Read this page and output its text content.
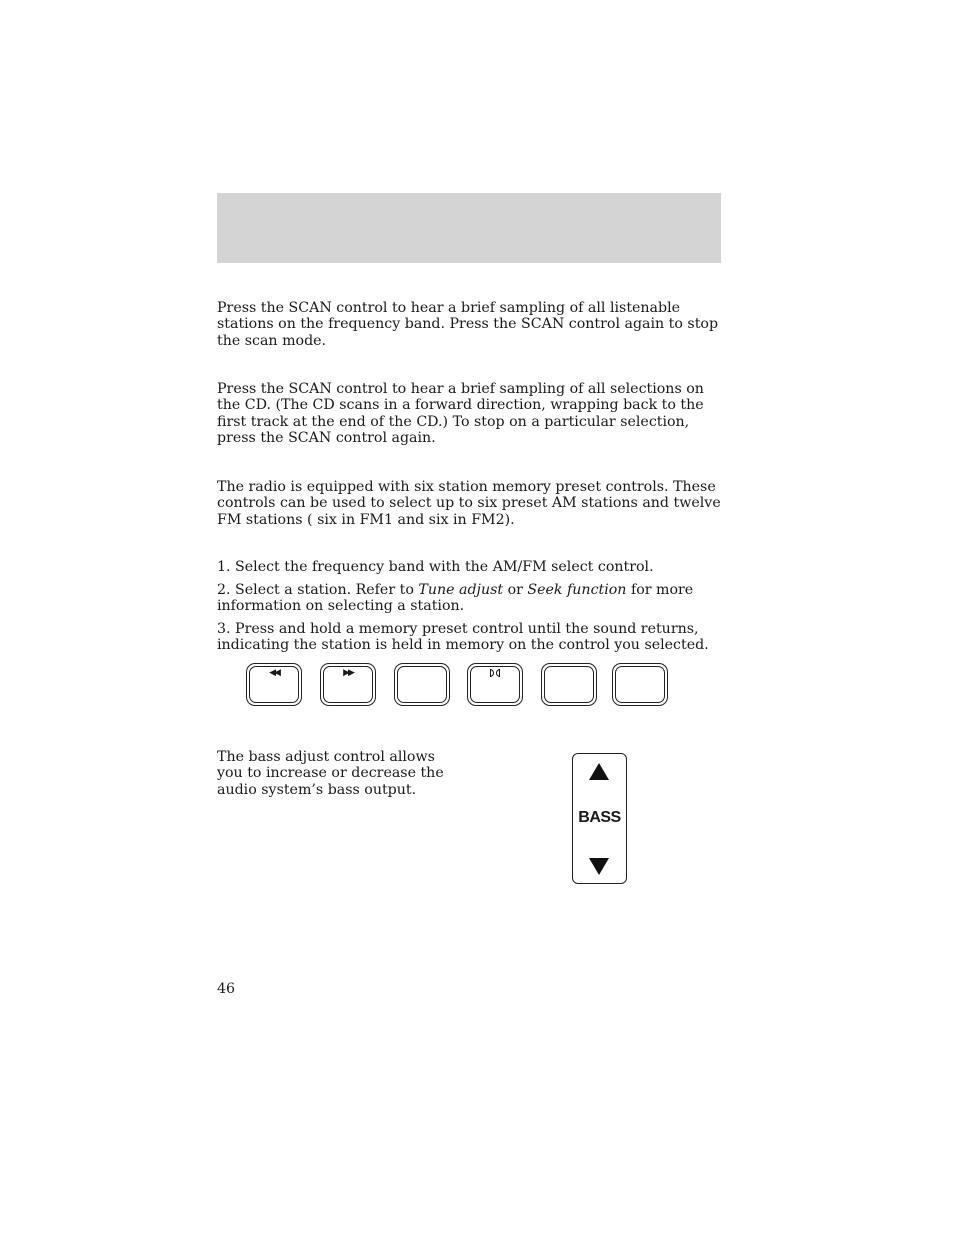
Press the SCAN control to hear a brief sampling of all listenable stations on the frequency band. Press the SCAN control again to stop the scan mode.

Press the SCAN control to hear a brief sampling of all selections on the CD. (The CD scans in a forward direction, wrapping back to the first track at the end of the CD.) To stop on a particular selection, press the SCAN control again.

The radio is equipped with six station memory preset controls. These controls can be used to select up to six preset AM stations and twelve FM stations ( six in FM1 and six in FM2).

1. Select the frequency band with the AM/FM select control.

2. Select a station. Refer to Tune adjust or Seek function for more information on selecting a station.

3. Press and hold a memory preset control until the sound returns, indicating the station is held in memory on the control you selected.

◀◀	▶▶

The bass adjust control allows you to increase or decrease the audio system’s bass output.

BASS
46
